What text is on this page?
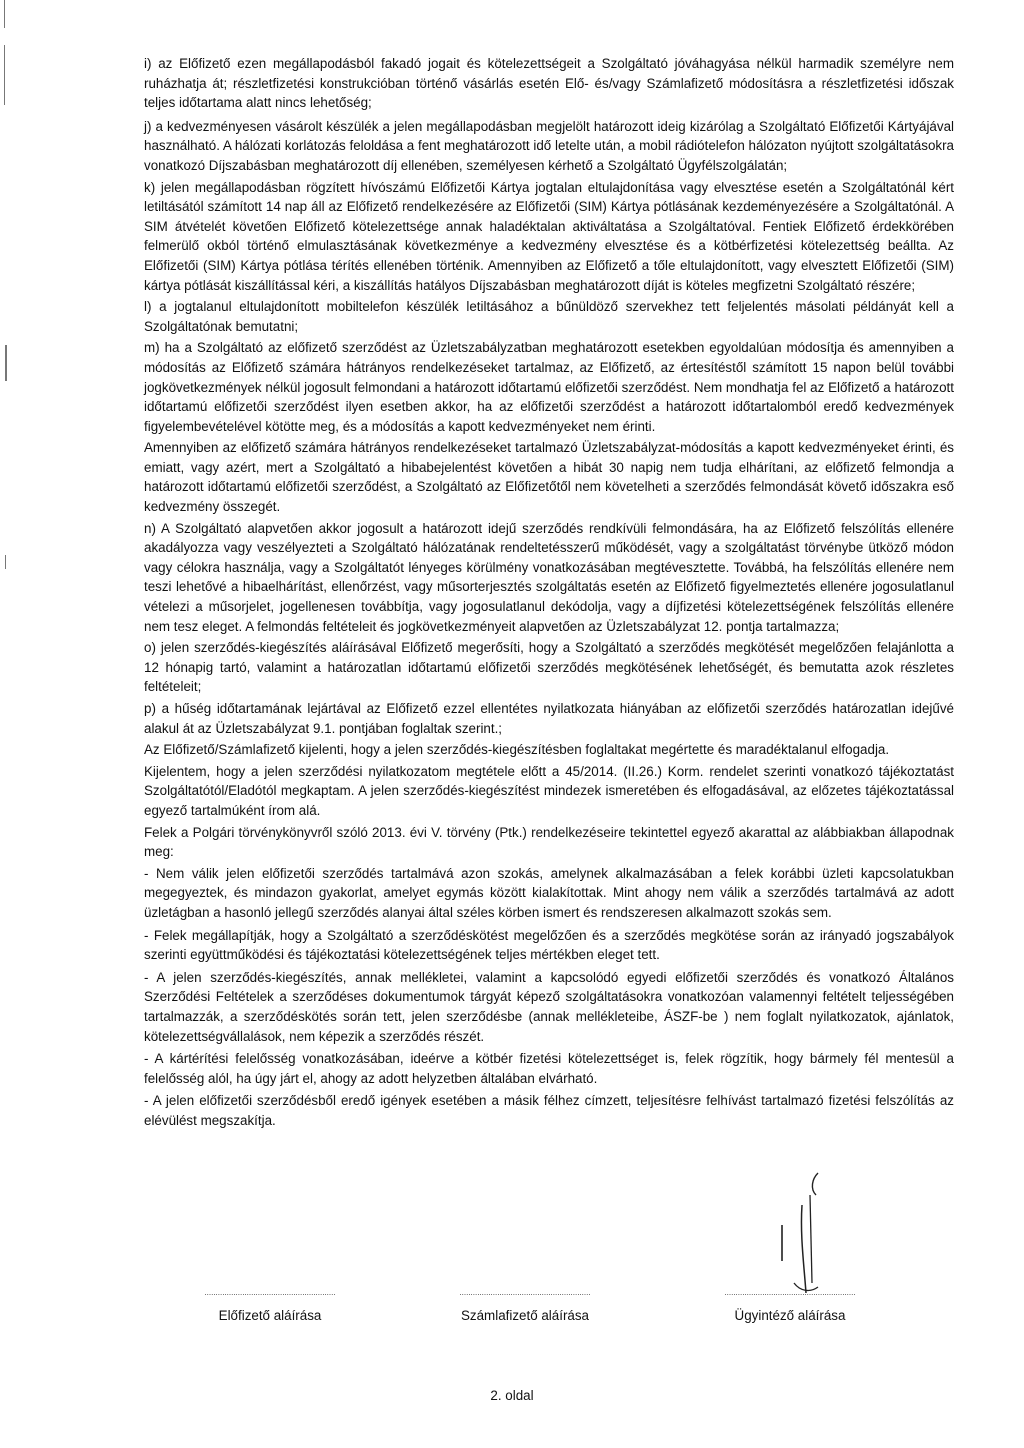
i) az Előfizető ezen megállapodásból fakadó jogait és kötelezettségeit a Szolgáltató jóváhagyása nélkül harmadik személyre nem ruházhatja át; részletfizetési konstrukcióban történő vásárlás esetén Elő- és/vagy Számlafizető módosításra a részletfizetési időszak teljes időtartama alatt nincs lehetőség;

j) a kedvezményesen vásárolt készülék a jelen megállapodásban megjelölt határozott ideig kizárólag a Szolgáltató Előfizetői Kártyájával használható. A hálózati korlátozás feloldása a fent meghatározott idő letelte után, a mobil rádiótelefon hálózaton nyújtott szolgáltatásokra vonatkozó Díjszabásban meghatározott díj ellenében, személyesen kérhető a Szolgáltató Ügyfélszolgálatán;

k) jelen megállapodásban rögzített hívószámú Előfizetői Kártya jogtalan eltulajdonítása vagy elvesztése esetén a Szolgáltatónál kért letiltásától számított 14 nap áll az Előfizető rendelkezésére az Előfizetői (SIM) Kártya pótlásának kezdeményezésére a Szolgáltatónál. A SIM átvételét követően Előfizető kötelezettsége annak haladéktalan aktiváltatása a Szolgáltatóval. Fentiek Előfizető érdekkörében felmerülő okból történő elmulasztásának következménye a kedvezmény elvesztése és a kötbérfizetési kötelezettség beállta. Az Előfizetői (SIM) Kártya pótlása térítés ellenében történik. Amennyiben az Előfizető a tőle eltulajdonított, vagy elvesztett Előfizetői (SIM) kártya pótlását kiszállítással kéri, a kiszállítás hatályos Díjszabásban meghatározott díját is köteles megfizetni Szolgáltató részére;

l) a jogtalanul eltulajdonított mobiltelefon készülék letiltásához a bűnüldöző szervekhez tett feljelentés másolati példányát kell a Szolgáltatónak bemutatni;

m) ha a Szolgáltató az előfizető szerződést az Üzletszabályzatban meghatározott esetekben egyoldalúan módosítja és amennyiben a módosítás az Előfizető számára hátrányos rendelkezéseket tartalmaz, az Előfizető, az értesítéstől számított 15 napon belül további jogkövetkezmények nélkül jogosult felmondani a határozott időtartamú előfizetői szerződést. Nem mondhatja fel az Előfizető a határozott időtartamú előfizetői szerződést ilyen esetben akkor, ha az előfizetői szerződést a határozott időtartalomból eredő kedvezmények figyelembevételével kötötte meg, és a módosítás a kapott kedvezményeket nem érinti.

Amennyiben az előfizető számára hátrányos rendelkezéseket tartalmazó Üzletszabályzat-módosítás a kapott kedvezményeket érinti, és emiatt, vagy azért, mert a Szolgáltató a hibabejelentést követően a hibát 30 napig nem tudja elhárítani, az előfizető felmondja a határozott időtartamú előfizetői szerződést, a Szolgáltató az Előfizetőtől nem követelheti a szerződés felmondását követő időszakra eső kedvezmény összegét.

n) A Szolgáltató alapvetően akkor jogosult a határozott idejű szerződés rendkívüli felmondására, ha az Előfizető felszólítás ellenére akadályozza vagy veszélyezteti a Szolgáltató hálózatának rendeltetésszerű működését, vagy a szolgáltatást törvénybe ütköző módon vagy célokra használja, vagy a Szolgáltatót lényeges körülmény vonatkozásában megtévesztette. Továbbá, ha felszólítás ellenére nem teszi lehetővé a hibaelhárítást, ellenőrzést, vagy műsorterjesztés szolgáltatás esetén az Előfizető figyelmeztetés ellenére jogosulatlanul vételezi a műsorjelet, jogellenesen továbbítja, vagy jogosulatlanul dekódolja, vagy a díjfizetési kötelezettségének felszólítás ellenére nem tesz eleget. A felmondás feltételeit és jogkövetkezményeit alapvetően az Üzletszabályzat 12. pontja tartalmazza;

o) jelen szerződés-kiegészítés aláírásával Előfizető megerősíti, hogy a Szolgáltató a szerződés megkötését megelőzően felajánlotta a 12 hónapig tartó, valamint a határozatlan időtartamú előfizetői szerződés megkötésének lehetőségét, és bemutatta azok részletes feltételeit;

p) a hűség időtartamának lejártával az Előfizető ezzel ellentétes nyilatkozata hiányában az előfizetői szerződés határozatlan idejűvé alakul át az Üzletszabályzat 9.1. pontjában foglaltak szerint.;

Az Előfizető/Számlafizető kijelenti, hogy a jelen szerződés-kiegészítésben foglaltakat megértette és maradéktalanul elfogadja.

Kijelentem, hogy a jelen szerződési nyilatkozatom megtétele előtt a 45/2014. (II.26.) Korm. rendelet szerinti vonatkozó tájékoztatást Szolgáltatótól/Eladótól megkaptam. A jelen szerződés-kiegészítést mindezek ismeretében és elfogadásával, az előzetes tájékoztatással egyező tartalmúként írom alá.

Felek a Polgári törvénykönyvről szóló 2013. évi V. törvény (Ptk.) rendelkezéseire tekintettel egyező akarattal az alábbiakban állapodnak meg:

- Nem válik jelen előfizetői szerződés tartalmává azon szokás, amelynek alkalmazásában a felek korábbi üzleti kapcsolatukban megegyeztek, és mindazon gyakorlat, amelyet egymás között kialakítottak. Mint ahogy nem válik a szerződés tartalmává az adott üzletágban a hasonló jellegű szerződés alanyai által széles körben ismert és rendszeresen alkalmazott szokás sem.

- Felek megállapítják, hogy a Szolgáltató a szerződéskötést megelőzően és a szerződés megkötése során az irányadó jogszabályok szerinti együttműködési és tájékoztatási kötelezettségének teljes mértékben eleget tett.

- A jelen szerződés-kiegészítés, annak mellékletei, valamint a kapcsolódó egyedi előfizetői szerződés és vonatkozó Általános Szerződési Feltételek a szerződéses dokumentumok tárgyát képező szolgáltatásokra vonatkozóan valamennyi feltételt teljességében tartalmazzák, a szerződéskötés során tett, jelen szerződésbe (annak mellékleteibe, ÁSZF-be ) nem foglalt nyilatkozatok, ajánlatok, kötelezettségvállalások, nem képezik a szerződés részét.

- A kártérítési felelősség vonatkozásában, ideérve a kötbér fizetési kötelezettséget is, felek rögzítik, hogy bármely fél mentesül a felelősség alól, ha úgy járt el, ahogy az adott helyzetben általában elvárható.

- A jelen előfizetői szerződésből eredő igények esetében a másik félhez címzett, teljesítésre felhívást tartalmazó fizetési felszólítás az elévülést megszakítja.

...........................................................
Előfizető aláírása
...........................................................
Számlafizető aláírása
...........................................................
Ügyintéző aláírása
2. oldal
